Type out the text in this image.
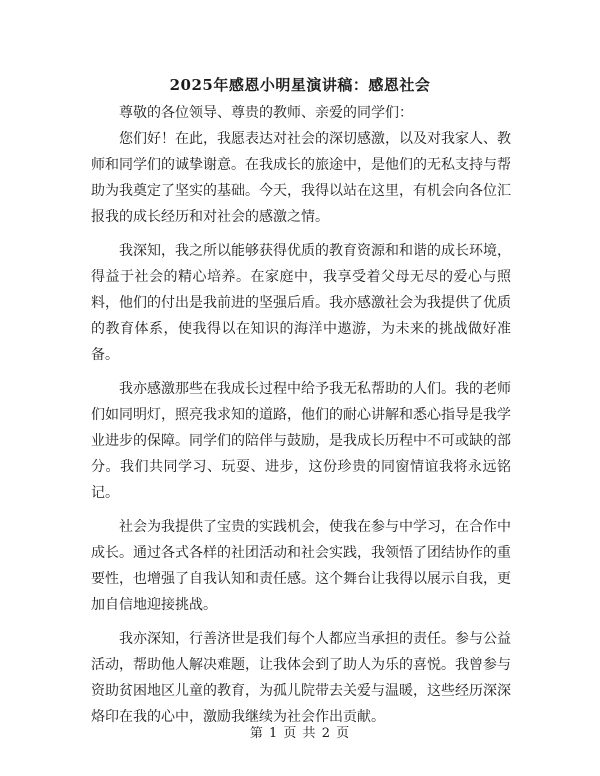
2025年感恩小明星演讲稿：感恩社会

尊敬的各位领导、尊贵的教师、亲爱的同学们：

您们好！在此，我愿表达对社会的深切感激，以及对我家人、教师和同学们的诚挚谢意。在我成长的旅途中，是他们的无私支持与帮助为我奠定了坚实的基础。今天，我得以站在这里，有机会向各位汇报我的成长经历和对社会的感激之情。

我深知，我之所以能够获得优质的教育资源和和谐的成长环境，得益于社会的精心培养。在家庭中，我享受着父母无尽的爱心与照料，他们的付出是我前进的坚强后盾。我亦感激社会为我提供了优质的教育体系，使我得以在知识的海洋中遨游，为未来的挑战做好准备。

我亦感激那些在我成长过程中给予我无私帮助的人们。我的老师们如同明灯，照亮我求知的道路，他们的耐心讲解和悉心指导是我学业进步的保障。同学们的陪伴与鼓励，是我成长历程中不可或缺的部分。我们共同学习、玩耍、进步，这份珍贵的同窗情谊我将永远铭记。

社会为我提供了宝贵的实践机会，使我在参与中学习，在合作中成长。通过各式各样的社团活动和社会实践，我领悟了团结协作的重要性，也增强了自我认知和责任感。这个舞台让我得以展示自我，更加自信地迎接挑战。

我亦深知，行善济世是我们每个人都应当承担的责任。参与公益活动，帮助他人解决难题，让我体会到了助人为乐的喜悦。我曾参与资助贫困地区儿童的教育，为孤儿院带去关爱与温暖，这些经历深深烙印在我的心中，激励我继续为社会作出贡献。

第 1 页 共 2 页
